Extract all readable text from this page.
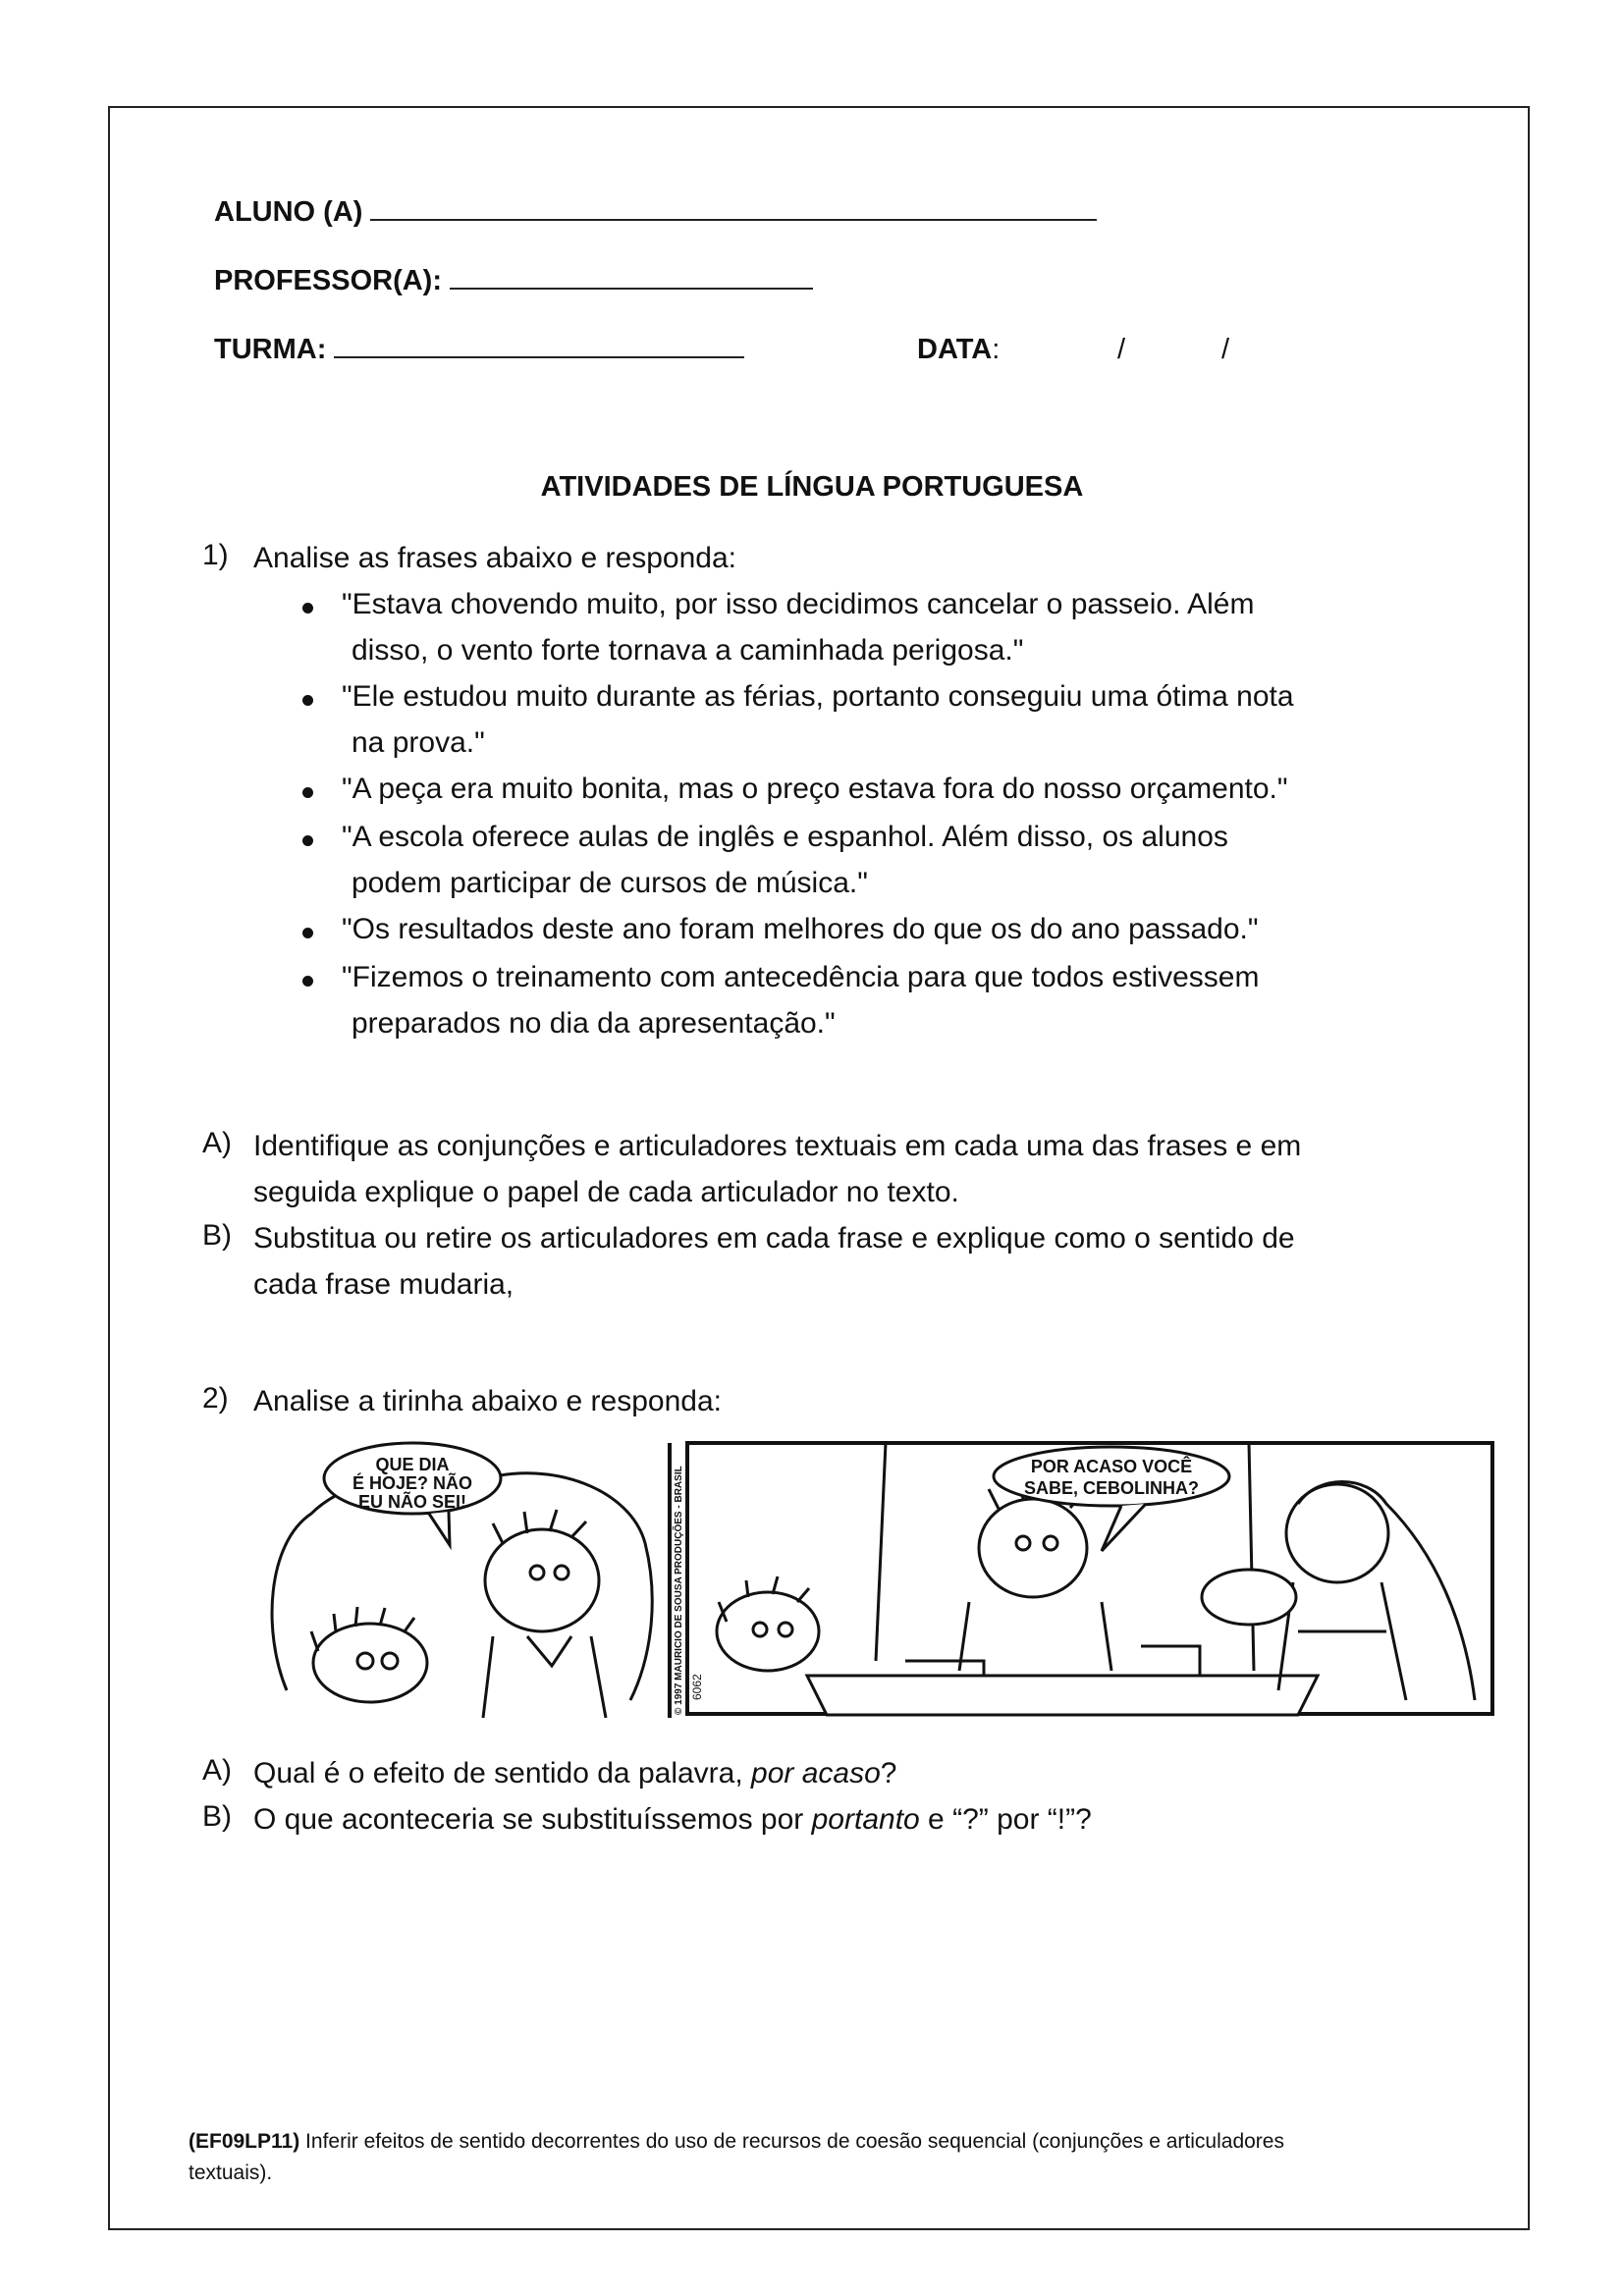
ALUNO (A)
PROFESSOR(A):
TURMA:	DATA:	/	/
ATIVIDADES DE LÍNGUA PORTUGUESA
1) Analise as frases abaixo e responda:
"Estava chovendo muito, por isso decidimos cancelar o passeio. Além
disso, o vento forte tornava a caminhada perigosa."
"Ele estudou muito durante as férias, portanto conseguiu uma ótima nota
na prova."
"A peça era muito bonita, mas o preço estava fora do nosso orçamento."
"A escola oferece aulas de inglês e espanhol. Além disso, os alunos
podem participar de cursos de música."
"Os resultados deste ano foram melhores do que os do ano passado."
"Fizemos o treinamento com antecedência para que todos estivessem
preparados no dia da apresentação."
A) Identifique as conjunções e articuladores textuais em cada uma das frases e em
seguida explique o papel de cada articulador no texto.
B) Substitua ou retire os articuladores em cada frase e explique como o sentido de
cada frase mudaria,
2) Analise a tirinha abaixo e responda:
QUE DIA
É HOJE? NÃO
EU NÃO SEI!
POR ACASO VOCÊ
SABE, CEBOLINHA?
© 1997 MAURICIO DE SOUSA PRODUÇÕES - BRASIL 6062
A) Qual é o efeito de sentido da palavra, por acaso?
B) O que aconteceria se substituíssemos por portanto e “?” por “!”?
(EF09LP11) Inferir efeitos de sentido decorrentes do uso de recursos de coesão sequencial (conjunções e articuladores
textuais).
